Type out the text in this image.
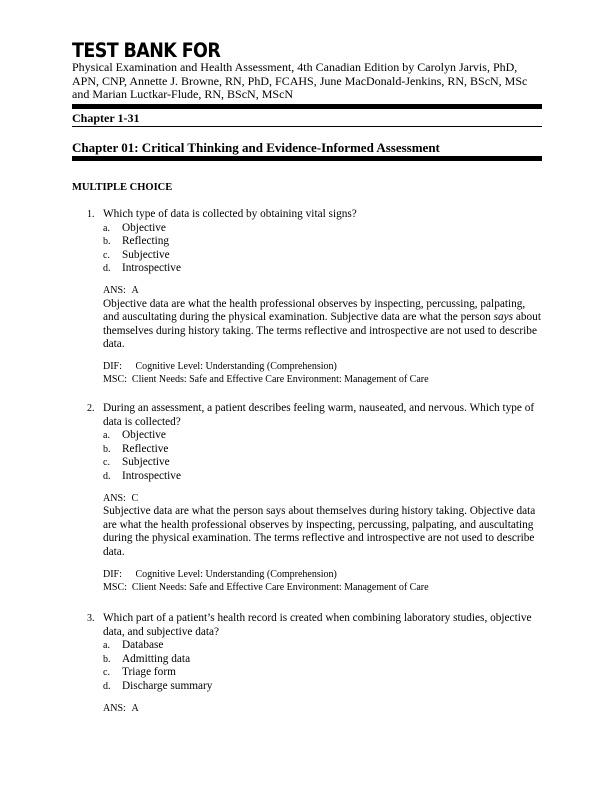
TEST BANK FOR
Physical Examination and Health Assessment, 4th Canadian Edition by Carolyn Jarvis, PhD, APN, CNP, Annette J. Browne, RN, PhD, FCAHS, June MacDonald-Jenkins, RN, BScN, MSc and Marian Luctkar-Flude, RN, BScN, MScN
Chapter 1-31
Chapter 01: Critical Thinking and Evidence-Informed Assessment
MULTIPLE CHOICE
1. Which type of data is collected by obtaining vital signs?
a. Objective
b. Reflecting
c. Subjective
d. Introspective
ANS: A
Objective data are what the health professional observes by inspecting, percussing, palpating, and auscultating during the physical examination. Subjective data are what the person says about themselves during history taking. The terms reflective and introspective are not used to describe data.
DIF: Cognitive Level: Understanding (Comprehension)
MSC: Client Needs: Safe and Effective Care Environment: Management of Care
2. During an assessment, a patient describes feeling warm, nauseated, and nervous. Which type of data is collected?
a. Objective
b. Reflective
c. Subjective
d. Introspective
ANS: C
Subjective data are what the person says about themselves during history taking. Objective data are what the health professional observes by inspecting, percussing, palpating, and auscultating during the physical examination. The terms reflective and introspective are not used to describe data.
DIF: Cognitive Level: Understanding (Comprehension)
MSC: Client Needs: Safe and Effective Care Environment: Management of Care
3. Which part of a patient’s health record is created when combining laboratory studies, objective data, and subjective data?
a. Database
b. Admitting data
c. Triage form
d. Discharge summary
ANS: A
